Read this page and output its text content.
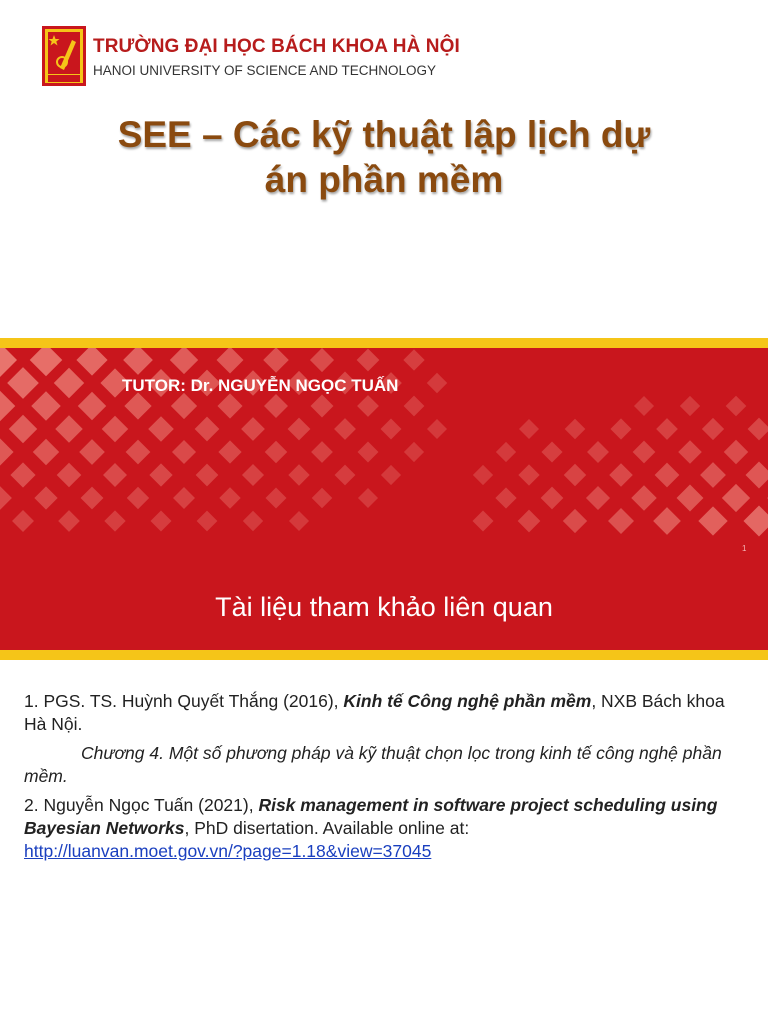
TRƯỜNG ĐẠI HỌC BÁCH KHOA HÀ NỘI
HANOI UNIVERSITY OF SCIENCE AND TECHNOLOGY
SEE – Các kỹ thuật lập lịch dự
án phần mềm
TUTOR: Dr. NGUYỄN NGỌC TUẤN
1
Tài liệu tham khảo liên quan

1. PGS. TS. Huỳnh Quyết Thắng (2016), Kinh tế Công nghệ phần mềm, NXB Bách khoa Hà Nội.

Chương 4. Một số phương pháp và kỹ thuật chọn lọc trong kinh tế công nghệ phần mềm.

2. Nguyễn Ngọc Tuấn (2021), Risk management in software project scheduling using Bayesian Networks, PhD disertation. Available online at:
http://luanvan.moet.gov.vn/?page=1.18&view=37045
